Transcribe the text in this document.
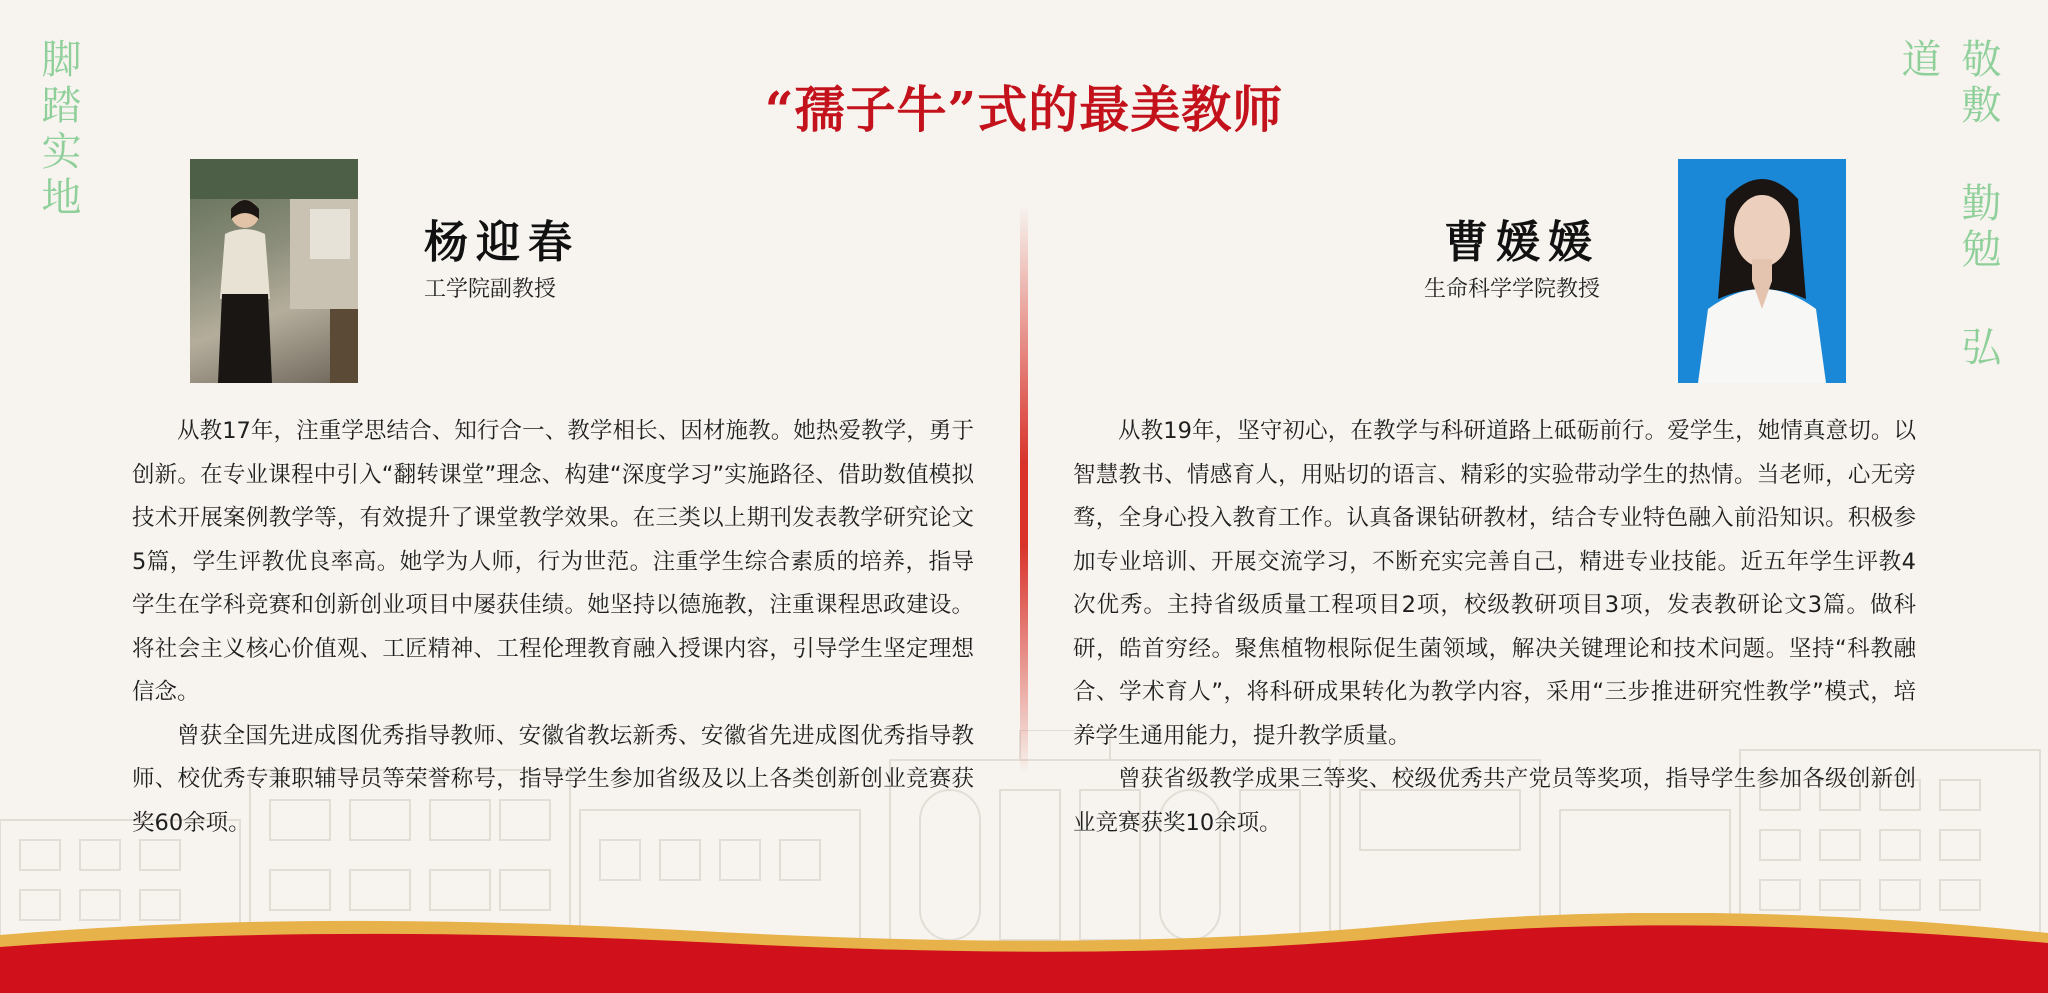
脚踏实地	敬敷 勤勉 弘道
“孺子牛”式的最美教师
杨迎春

工学院副教授

从教17年，注重学思结合、知行合一、教学相长、因材施教。她热爱教学，勇于创新。在专业课程中引入“翻转课堂”理念、构建“深度学习”实施路径、借助数值模拟技术开展案例教学等，有效提升了课堂教学效果。在三类以上期刊发表教学研究论文5篇，学生评教优良率高。她学为人师，行为世范。注重学生综合素质的培养，指导学生在学科竞赛和创新创业项目中屡获佳绩。她坚持以德施教，注重课程思政建设。将社会主义核心价值观、工匠精神、工程伦理教育融入授课内容，引导学生坚定理想信念。

曾获全国先进成图优秀指导教师、安徽省教坛新秀、安徽省先进成图优秀指导教师、校优秀专兼职辅导员等荣誉称号，指导学生参加省级及以上各类创新创业竞赛获奖60余项。

曹媛媛

生命科学学院教授

从教19年，坚守初心，在教学与科研道路上砥砺前行。爱学生，她情真意切。以智慧教书、情感育人，用贴切的语言、精彩的实验带动学生的热情。当老师，心无旁骛，全身心投入教育工作。认真备课钻研教材，结合专业特色融入前沿知识。积极参加专业培训、开展交流学习，不断充实完善自己，精进专业技能。近五年学生评教4次优秀。主持省级质量工程项目2项，校级教研项目3项，发表教研论文3篇。做科研，皓首穷经。聚焦植物根际促生菌领域，解决关键理论和技术问题。坚持“科教融合、学术育人”，将科研成果转化为教学内容，采用“三步推进研究性教学”模式，培养学生通用能力，提升教学质量。

曾获省级教学成果三等奖、校级优秀共产党员等奖项，指导学生参加各级创新创业竞赛获奖10余项。
